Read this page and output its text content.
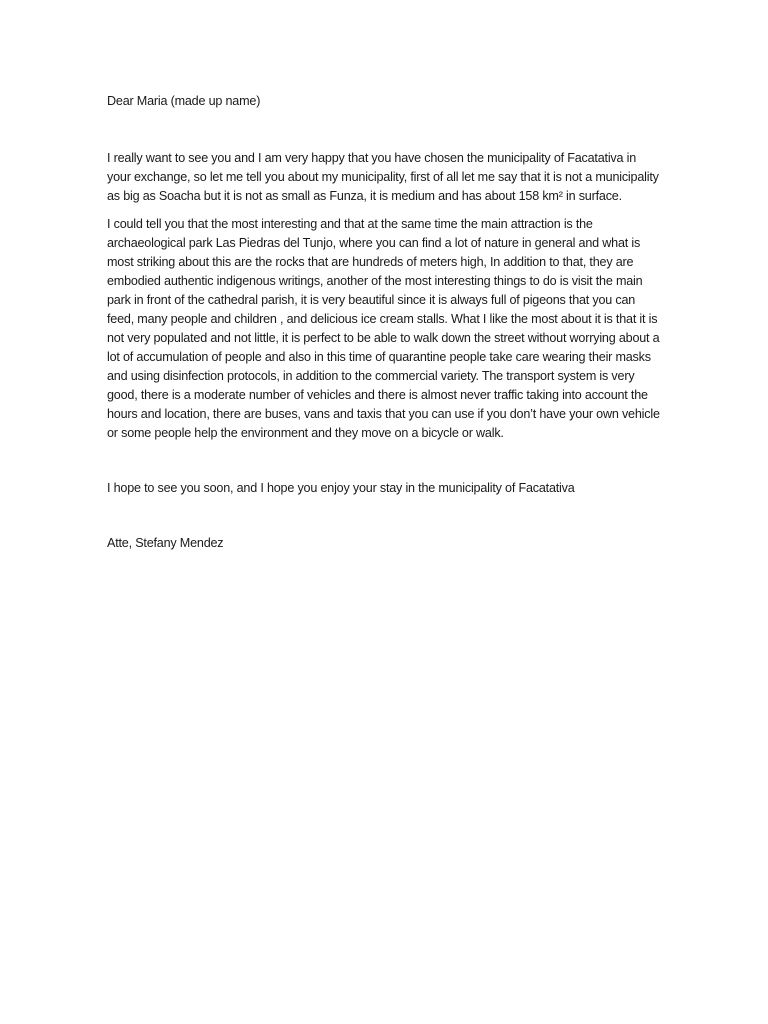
Dear Maria (made up name)

I really want to see you and I am very happy that you have chosen the municipality of Facatativa in your exchange, so let me tell you about my municipality, first of all let me say that it is not a municipality as big as Soacha but it is not as small as Funza, it is medium and has about 158 km² in surface.

I could tell you that the most interesting and that at the same time the main attraction is the archaeological park Las Piedras del Tunjo, where you can find a lot of nature in general and what is most striking about this are the rocks that are hundreds of meters high, In addition to that, they are embodied authentic indigenous writings, another of the most interesting things to do is visit the main park in front of the cathedral parish, it is very beautiful since it is always full of pigeons that you can feed, many people and children , and delicious ice cream stalls. What I like the most about it is that it is not very populated and not little, it is perfect to be able to walk down the street without worrying about a lot of accumulation of people and also in this time of quarantine people take care wearing their masks and using disinfection protocols, in addition to the commercial variety. The transport system is very good, there is a moderate number of vehicles and there is almost never traffic taking into account the hours and location, there are buses, vans and taxis that you can use if you don’t have your own vehicle or some people help the environment and they move on a bicycle or walk.

I hope to see you soon, and I hope you enjoy your stay in the municipality of Facatativa

Atte, Stefany Mendez
